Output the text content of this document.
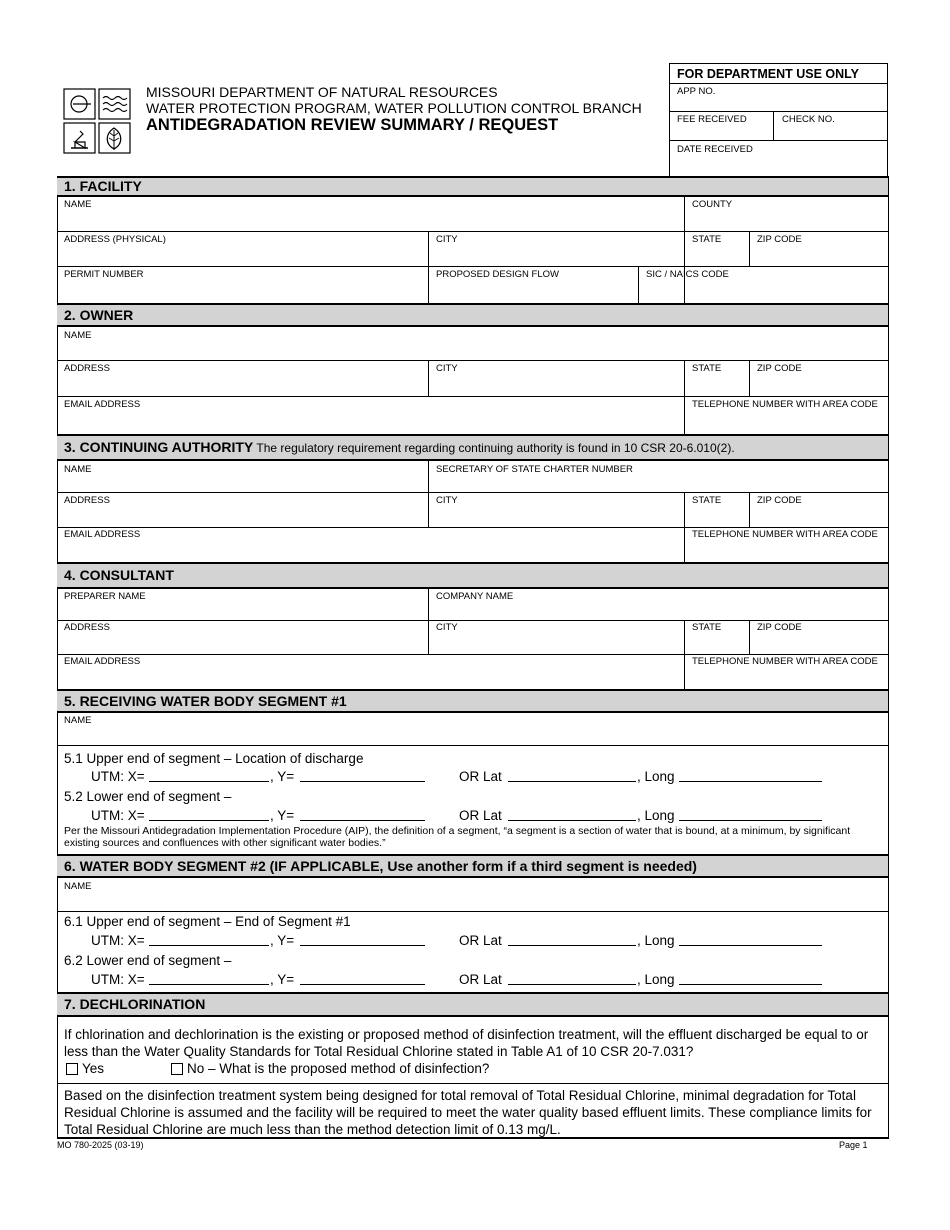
MISSOURI DEPARTMENT OF NATURAL RESOURCES
WATER PROTECTION PROGRAM, WATER POLLUTION CONTROL BRANCH
ANTIDEGRADATION REVIEW SUMMARY / REQUEST
FOR DEPARTMENT USE ONLY
APP NO.
FEE RECEIVED	CHECK NO.
DATE RECEIVED
1. FACILITY
NAME	COUNTY
ADDRESS (PHYSICAL)	CITY	STATE	ZIP CODE
PERMIT NUMBER	PROPOSED DESIGN FLOW	SIC / NAICS CODE
2. OWNER
NAME
ADDRESS	CITY	STATE	ZIP CODE
EMAIL ADDRESS	TELEPHONE NUMBER WITH AREA CODE
3. CONTINUING AUTHORITY The regulatory requirement regarding continuing authority is found in 10 CSR 20-6.010(2).
NAME	SECRETARY OF STATE CHARTER NUMBER
ADDRESS	CITY	STATE	ZIP CODE
EMAIL ADDRESS	TELEPHONE NUMBER WITH AREA CODE
4. CONSULTANT
PREPARER NAME	COMPANY NAME
ADDRESS	CITY	STATE	ZIP CODE
EMAIL ADDRESS	TELEPHONE NUMBER WITH AREA CODE
5. RECEIVING WATER BODY SEGMENT #1
NAME
5.1 Upper end of segment – Location of discharge
UTM: X=	, Y=	OR Lat	, Long
5.2 Lower end of segment –
UTM: X=	, Y=	OR Lat	, Long
Per the Missouri Antidegradation Implementation Procedure (AIP), the definition of a segment, “a segment is a section of water that is bound, at a minimum, by significant existing sources and confluences with other significant water bodies.”
6. WATER BODY SEGMENT #2 (IF APPLICABLE, Use another form if a third segment is needed)
NAME
6.1 Upper end of segment – End of Segment #1
UTM: X=	, Y=	OR Lat	, Long
6.2 Lower end of segment –
UTM: X=	, Y=	OR Lat	, Long
7. DECHLORINATION
If chlorination and dechlorination is the existing or proposed method of disinfection treatment, will the effluent discharged be equal to or less than the Water Quality Standards for Total Residual Chlorine stated in Table A1 of 10 CSR 20-7.031?
Yes	No – What is the proposed method of disinfection?
Based on the disinfection treatment system being designed for total removal of Total Residual Chlorine, minimal degradation for Total Residual Chlorine is assumed and the facility will be required to meet the water quality based effluent limits. These compliance limits for Total Residual Chlorine are much less than the method detection limit of 0.13 mg/L.
MO 780-2025 (03-19)	Page 1
